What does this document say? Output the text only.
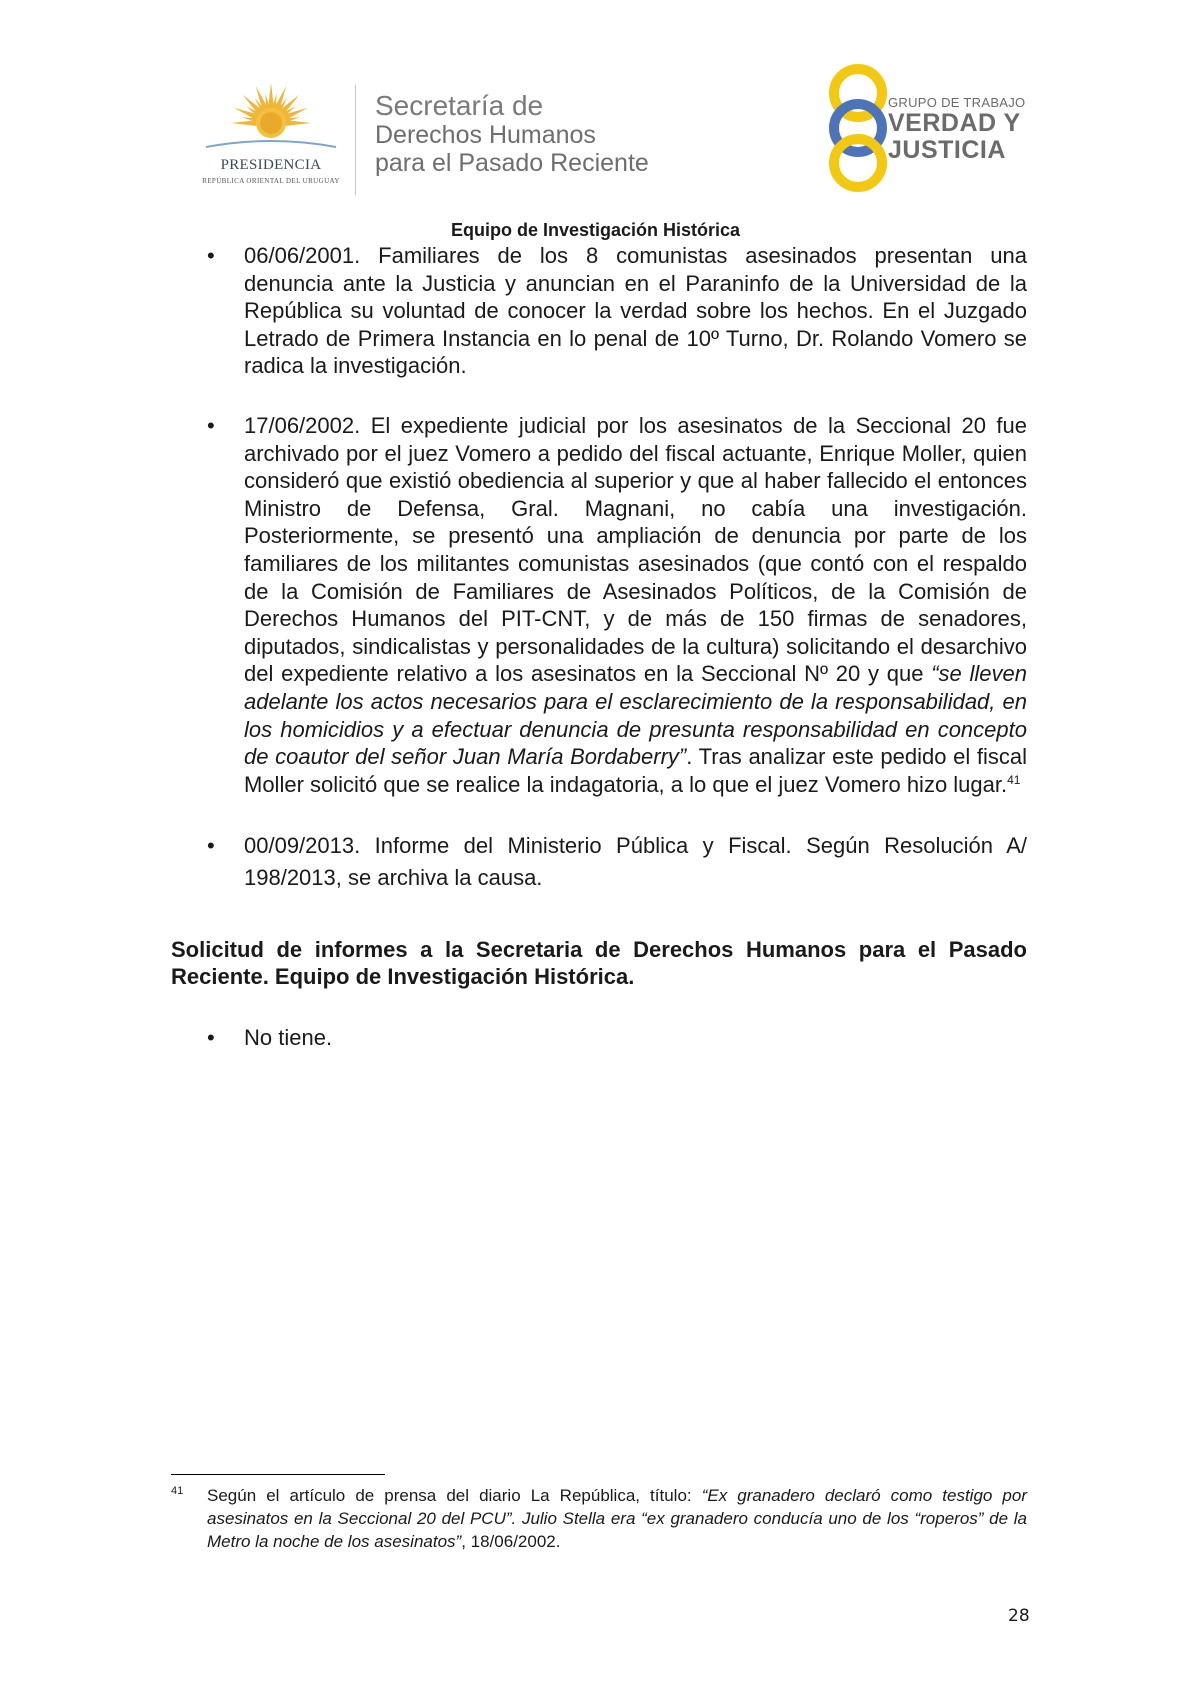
PRESIDENCIA
REPÚBLICA ORIENTAL DEL URUGUAY
Secretaría de
Derechos Humanos
para el Pasado Reciente
GRUPO DE TRABAJO
VERDAD Y
JUSTICIA
Equipo de Investigación Histórica
• 06/06/2001. Familiares de los 8 comunistas asesinados presentan una denuncia ante la Justicia y anuncian en el Paraninfo de la Universidad de la República su voluntad de conocer la verdad sobre los hechos. En el Juzgado Letrado de Primera Instancia en lo penal de 10º Turno, Dr. Rolando Vomero se radica la investigación.
• 17/06/2002. El expediente judicial por los asesinatos de la Seccional 20 fue archivado por el juez Vomero a pedido del fiscal actuante, Enrique Moller, quien consideró que existió obediencia al superior y que al haber fallecido el entonces Ministro de Defensa, Gral. Magnani, no cabía una investigación. Posteriormente, se presentó una ampliación de denuncia por parte de los familiares de los militantes comunistas asesinados (que contó con el respaldo de la Comisión de Familiares de Asesinados Políticos, de la Comisión de Derechos Humanos del PIT-CNT, y de más de 150 firmas de senadores, diputados, sindicalistas y personalidades de la cultura) solicitando el desarchivo del expediente relativo a los asesinatos en la Seccional Nº 20 y que “se lleven adelante los actos necesarios para el esclarecimiento de la responsabilidad, en los homicidios y a efectuar denuncia de presunta responsabilidad en concepto de coautor del señor Juan María Bordaberry”. Tras analizar este pedido el fiscal Moller solicitó que se realice la indagatoria, a lo que el juez Vomero hizo lugar.$^{41}$
• 00/09/2013. Informe del Ministerio Pública y Fiscal. Según Resolución A/ 198/2013, se archiva la causa.
Solicitud de informes a la Secretaria de Derechos Humanos para el Pasado Reciente. Equipo de Investigación Histórica.
• No tiene.
41 Según el artículo de prensa del diario La República, título: “Ex granadero declaró como testigo por asesinatos en la Seccional 20 del PCU”. Julio Stella era “ex granadero conducía uno de los “roperos” de la Metro la noche de los asesinatos”, 18/06/2002.
28
